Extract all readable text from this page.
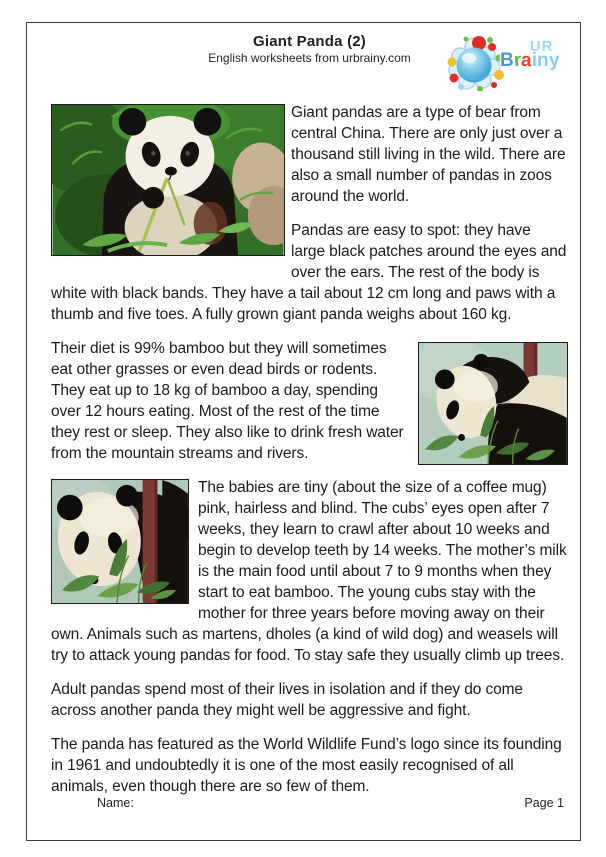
Giant Panda (2)
English worksheets from urbrainy.com
UR
Brainy

Giant pandas are a type of bear from central China. There are only just over a thousand still living in the wild. There are also a small number of pandas in zoos around the world.

Pandas are easy to spot: they have large black patches around the eyes and over the ears. The rest of the body is white with black bands. They have a tail about 12 cm long and paws with a thumb and five toes. A fully grown giant panda weighs about 160 kg.

Their diet is 99% bamboo but they will sometimes eat other grasses or even dead birds or rodents. They eat up to 18 kg of bamboo a day, spending over 12 hours eating. Most of the rest of the time they rest or sleep. They also like to drink fresh water from the mountain streams and rivers.

The babies are tiny (about the size of a coffee mug) pink, hairless and blind. The cubs’ eyes open after 7 weeks, they learn to crawl after about 10 weeks and begin to develop teeth by 14 weeks. The mother’s milk is the main food until about 7 to 9 months when they start to eat bamboo. The young cubs stay with the mother for three years before moving away on their own. Animals such as martens, dholes (a kind of wild dog) and weasels will try to attack young pandas for food. To stay safe they usually climb up trees.

Adult pandas spend most of their lives in isolation and if they do come across another panda they might well be aggressive and fight.

The panda has featured as the World Wildlife Fund’s logo since its founding in 1961 and undoubtedly it is one of the most easily recognised of all animals, even though there are so few of them.

Name:	Page 1
